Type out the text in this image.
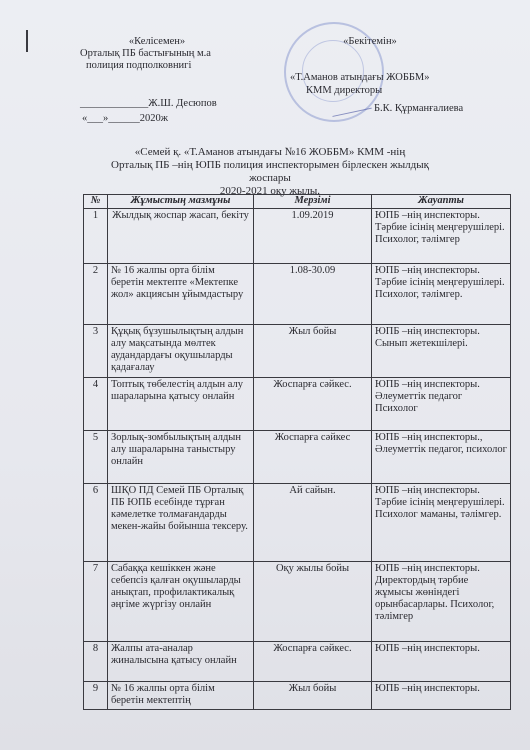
«Келісемен»
Орталық ПБ бастығының м.а
полиция подполковнигі
_____________Ж.Ш. Десюпов
«___»______2020ж
«Бекітемін»
«Т.Аманов атындағы ЖОББМ»
КММ директоры
Б.К. Құрманғалиева
«Семей қ. «Т.Аманов атындағы №16 ЖОББМ» КММ -нің
Орталық ПБ –нің ЮПБ полиция инспекторымен бірлескен жылдық жоспары
2020-2021 оқу жылы.
№	Жұмыстың мазмұны	Мерзімі	Жауапты
1	Жылдық жоспар жасап, бекіту	1.09.2019	ЮПБ –нің инспекторы. Тәрбие ісінің меңгерушілері. Психолог, тәлімгер
2	№ 16 жалпы орта білім беретін мектепте «Мектепке жол» акциясын ұйымдастыру	1.08-30.09	ЮПБ –нің инспекторы. Тәрбие ісінің меңгерушілері. Психолог, тәлімгер.
3	Құқық бұзушылықтың алдын алу мақсатында мөлтек аудандардағы оқушыларды қадағалау	Жыл бойы	ЮПБ –нің инспекторы. Сынып жетекшілері.
4	Топтық төбелестің алдын алу шараларына қатысу онлайн	Жоспарға сәйкес.	ЮПБ –нің инспекторы. Әлеуметтік педагог Психолог
5	Зорлық-зомбылықтың алдын алу шараларына таныстыру онлайн	Жоспарға сәйкес	ЮПБ –нің инспекторы., Әлеуметтік педагог, психолог
6	ШҚО ПД Семей ПБ Орталық ПБ ЮПБ есебінде тұрған кәмелетке толмағандарды мекен-жайы бойынша тексеру.	Ай сайын.	ЮПБ –нің инспекторы. Тәрбие ісінің меңгерушілері. Психолог маманы, тәлімгер.
7	Сабаққа кешіккен және себепсіз қалған оқушыларды анықтап, профилактикалық әңгіме жүргізу онлайн	Оқу жылы бойы	ЮПБ –нің инспекторы. Директордың тәрбие жұмысы жөніндегі орынбасарлары. Психолог, тәлімгер
8	Жалпы ата-аналар жиналысына қатысу онлайн	Жоспарға сәйкес.	ЮПБ –нің инспекторы.
9	№ 16 жалпы орта білім беретін мектептің	Жыл бойы	ЮПБ –нің инспекторы.
